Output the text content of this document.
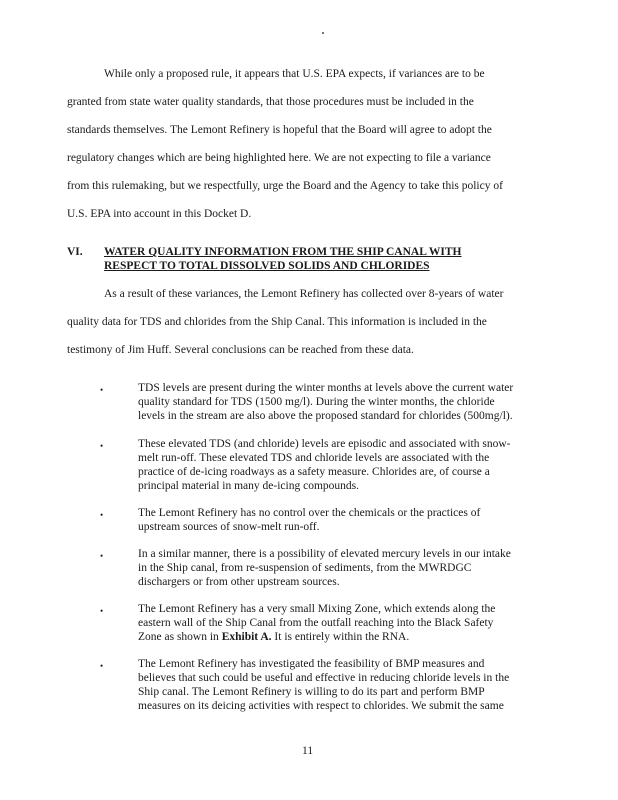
While only a proposed rule, it appears that U.S. EPA expects, if variances are to be
granted from state water quality standards, that those procedures must be included in the
standards themselves. The Lemont Refinery is hopeful that the Board will agree to adopt the
regulatory changes which are being highlighted here. We are not expecting to file a variance
from this rulemaking, but we respectfully, urge the Board and the Agency to take this policy of
U.S. EPA into account in this Docket D.
VI. WATER QUALITY INFORMATION FROM THE SHIP CANAL WITH
RESPECT TO TOTAL DISSOLVED SOLIDS AND CHLORIDES
As a result of these variances, the Lemont Refinery has collected over 8-years of water
quality data for TDS and chlorides from the Ship Canal. This information is included in the
testimony of Jim Huff. Several conclusions can be reached from these data.
•	TDS levels are present during the winter months at levels above the current water
quality standard for TDS (1500 mg/l). During the winter months, the chloride
levels in the stream are also above the proposed standard for chlorides (500mg/l).
•	These elevated TDS (and chloride) levels are episodic and associated with snow-
melt run-off. These elevated TDS and chloride levels are associated with the
practice of de-icing roadways as a safety measure. Chlorides are, of course a
principal material in many de-icing compounds.
•	The Lemont Refinery has no control over the chemicals or the practices of
upstream sources of snow-melt run-off.
•	In a similar manner, there is a possibility of elevated mercury levels in our intake
in the Ship canal, from re-suspension of sediments, from the MWRDGC
dischargers or from other upstream sources.
•	The Lemont Refinery has a very small Mixing Zone, which extends along the
eastern wall of the Ship Canal from the outfall reaching into the Black Safety
Zone as shown in Exhibit A. It is entirely within the RNA.
•	The Lemont Refinery has investigated the feasibility of BMP measures and
believes that such could be useful and effective in reducing chloride levels in the
Ship canal. The Lemont Refinery is willing to do its part and perform BMP
measures on its deicing activities with respect to chlorides. We submit the same
11
